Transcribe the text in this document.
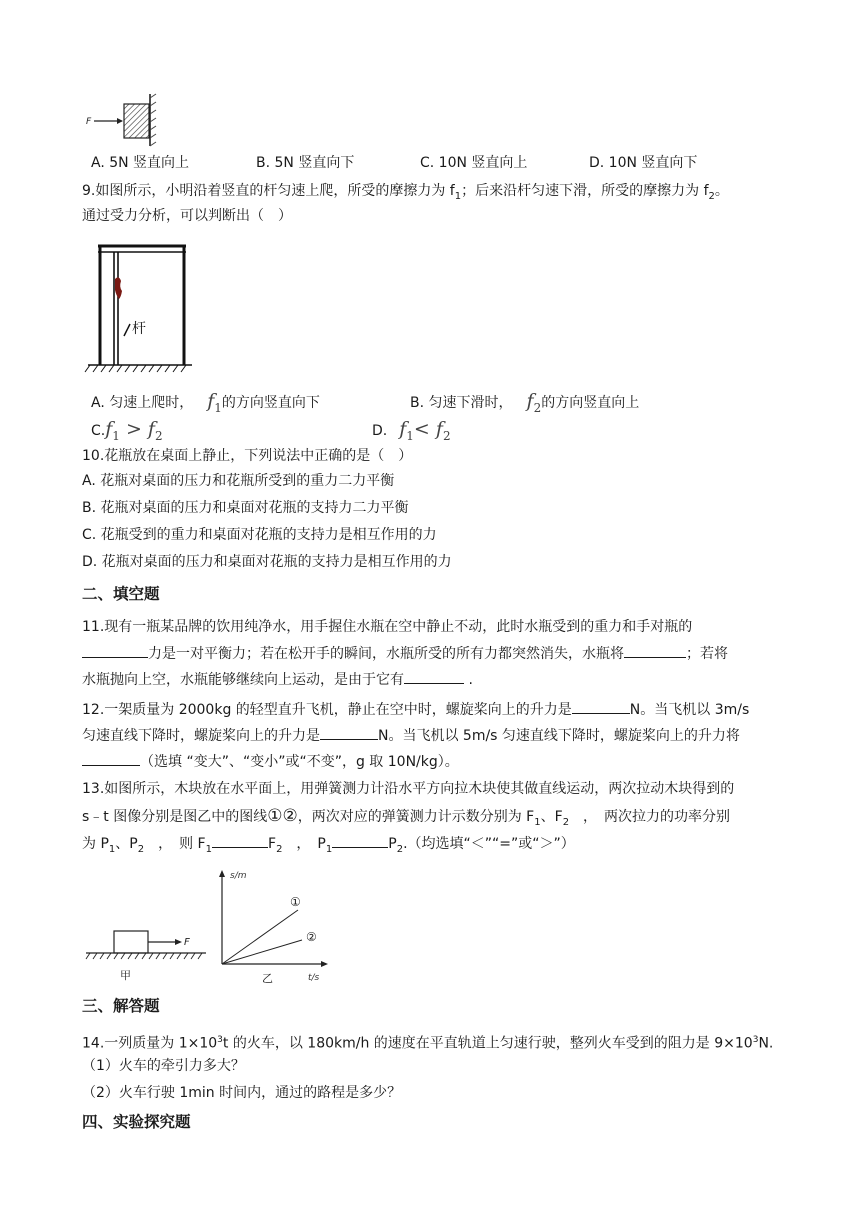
F
A. 5N 竖直向上	B. 5N 竖直向下	C. 10N 竖直向上	D. 10N 竖直向下
9.如图所示，小明沿着竖直的杆匀速上爬，所受的摩擦力为 $f_1$；后来沿杆匀速下滑，所受的摩擦力为 $f_2$。
通过受力分析，可以判断出（　）
杆
A. 匀速上爬时， $f_1$的方向竖直向下	B. 匀速下滑时， $f_2$的方向竖直向上
$C.f_1 > f_2$	D. $f_1< f_2$
10.花瓶放在桌面上静止，下列说法中正确的是（　）
A. 花瓶对桌面的压力和花瓶所受到的重力二力平衡
B. 花瓶对桌面的压力和桌面对花瓶的支持力二力平衡
C. 花瓶受到的重力和桌面对花瓶的支持力是相互作用的力
D. 花瓶对桌面的压力和桌面对花瓶的支持力是相互作用的力
二、填空题
11.现有一瓶某品牌的饮用纯净水，用手握住水瓶在空中静止不动，此时水瓶受到的重力和手对瓶的
力是一对平衡力；若在松开手的瞬间，水瓶所受的所有力都突然消失，水瓶将	；若将
水瓶抛向上空，水瓶能够继续向上运动，是由于它有	.
12.一架质量为 2000kg 的轻型直升飞机，静止在空中时，螺旋桨向上的升力是	N。当飞机以 3m/s
匀速直线下降时，螺旋桨向上的升力是	N。当飞机以 5m/s 匀速直线下降时，螺旋桨向上的升力将
（选填 “变大”、“变小”或“不变”，g 取 10N/kg）。
13.如图所示，木块放在水平面上，用弹簧测力计沿水平方向拉木块使其做直线运动，两次拉动木块得到的
s﹣t 图像分别是图乙中的图线①②，两次对应的弹簧测力计示数分别为 $F_1$、$F_2$　，　两次拉力的功率分别
为 $P_1$、$P_2$　，　则 $F_1$	$F_2$　，　$P_1$	$P_2$.（均选填“＜”“=”或“＞”）
F
甲
s/m
t/s
①
②
乙
三、解答题
14.一列质量为 $1\times 10^3t$ 的火车，以 180km/h 的速度在平直轨道上匀速行驶，整列火车受到的阻力是 $9\times 10^3N$.
（1）火车的牵引力多大？
（2）火车行驶 1min 时间内，通过的路程是多少？
四、实验探究题
